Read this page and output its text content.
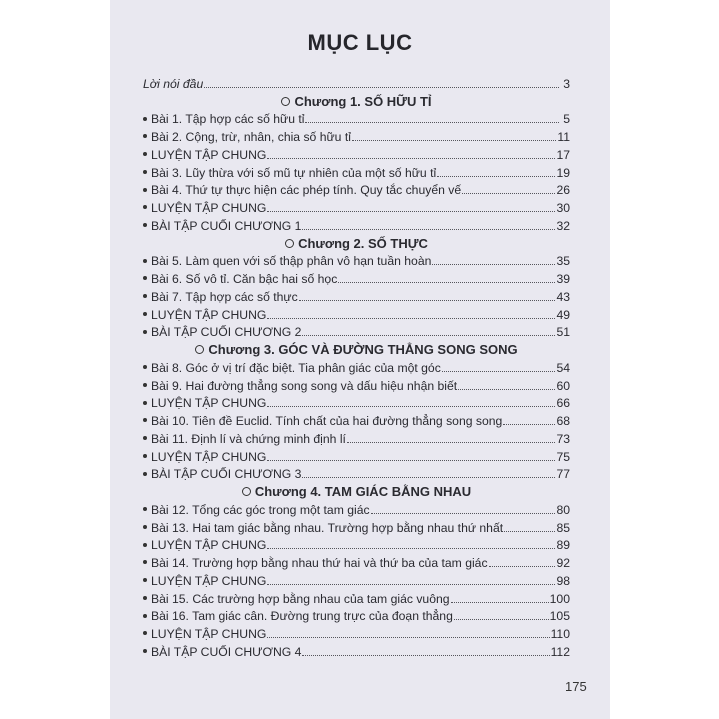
MỤC LỤC
Lời nói đầu	3
Chương 1. SỐ HỮU TỈ
Bài 1. Tập hợp các số hữu tỉ	5
Bài 2. Cộng, trừ, nhân, chia số hữu tỉ	11
LUYỆN TẬP CHUNG	17
Bài 3. Lũy thừa với số mũ tự nhiên của một số hữu tỉ	19
Bài 4. Thứ tự thực hiện các phép tính. Quy tắc chuyển vế	26
LUYỆN TẬP CHUNG	30
BÀI TẬP CUỐI CHƯƠNG 1	32
Chương 2. SỐ THỰC
Bài 5. Làm quen với số thập phân vô hạn tuần hoàn	35
Bài 6. Số vô tỉ. Căn bậc hai số học	39
Bài 7. Tập hợp các số thực	43
LUYỆN TẬP CHUNG	49
BÀI TẬP CUỐI CHƯƠNG 2	51
Chương 3. GÓC VÀ ĐƯỜNG THẲNG SONG SONG
Bài 8. Góc ở vị trí đặc biệt. Tia phân giác của một góc	54
Bài 9. Hai đường thẳng song song và dấu hiệu nhận biết	60
LUYỆN TẬP CHUNG	66
Bài 10. Tiên đề Euclid. Tính chất của hai đường thẳng song song	68
Bài 11. Định lí và chứng minh định lí	73
LUYỆN TẬP CHUNG	75
BÀI TẬP CUỐI CHƯƠNG 3	77
Chương 4. TAM GIÁC BẰNG NHAU
Bài 12. Tổng các góc trong một tam giác	80
Bài 13. Hai tam giác bằng nhau. Trường hợp bằng nhau thứ nhất	85
LUYỆN TẬP CHUNG	89
Bài 14. Trường hợp bằng nhau thứ hai và thứ ba của tam giác	92
LUYỆN TẬP CHUNG	98
Bài 15. Các trường hợp bằng nhau của tam giác vuông	100
Bài 16. Tam giác cân. Đường trung trực của đoạn thẳng	105
LUYỆN TẬP CHUNG	110
BÀI TẬP CUỐI CHƯƠNG 4	112
175
